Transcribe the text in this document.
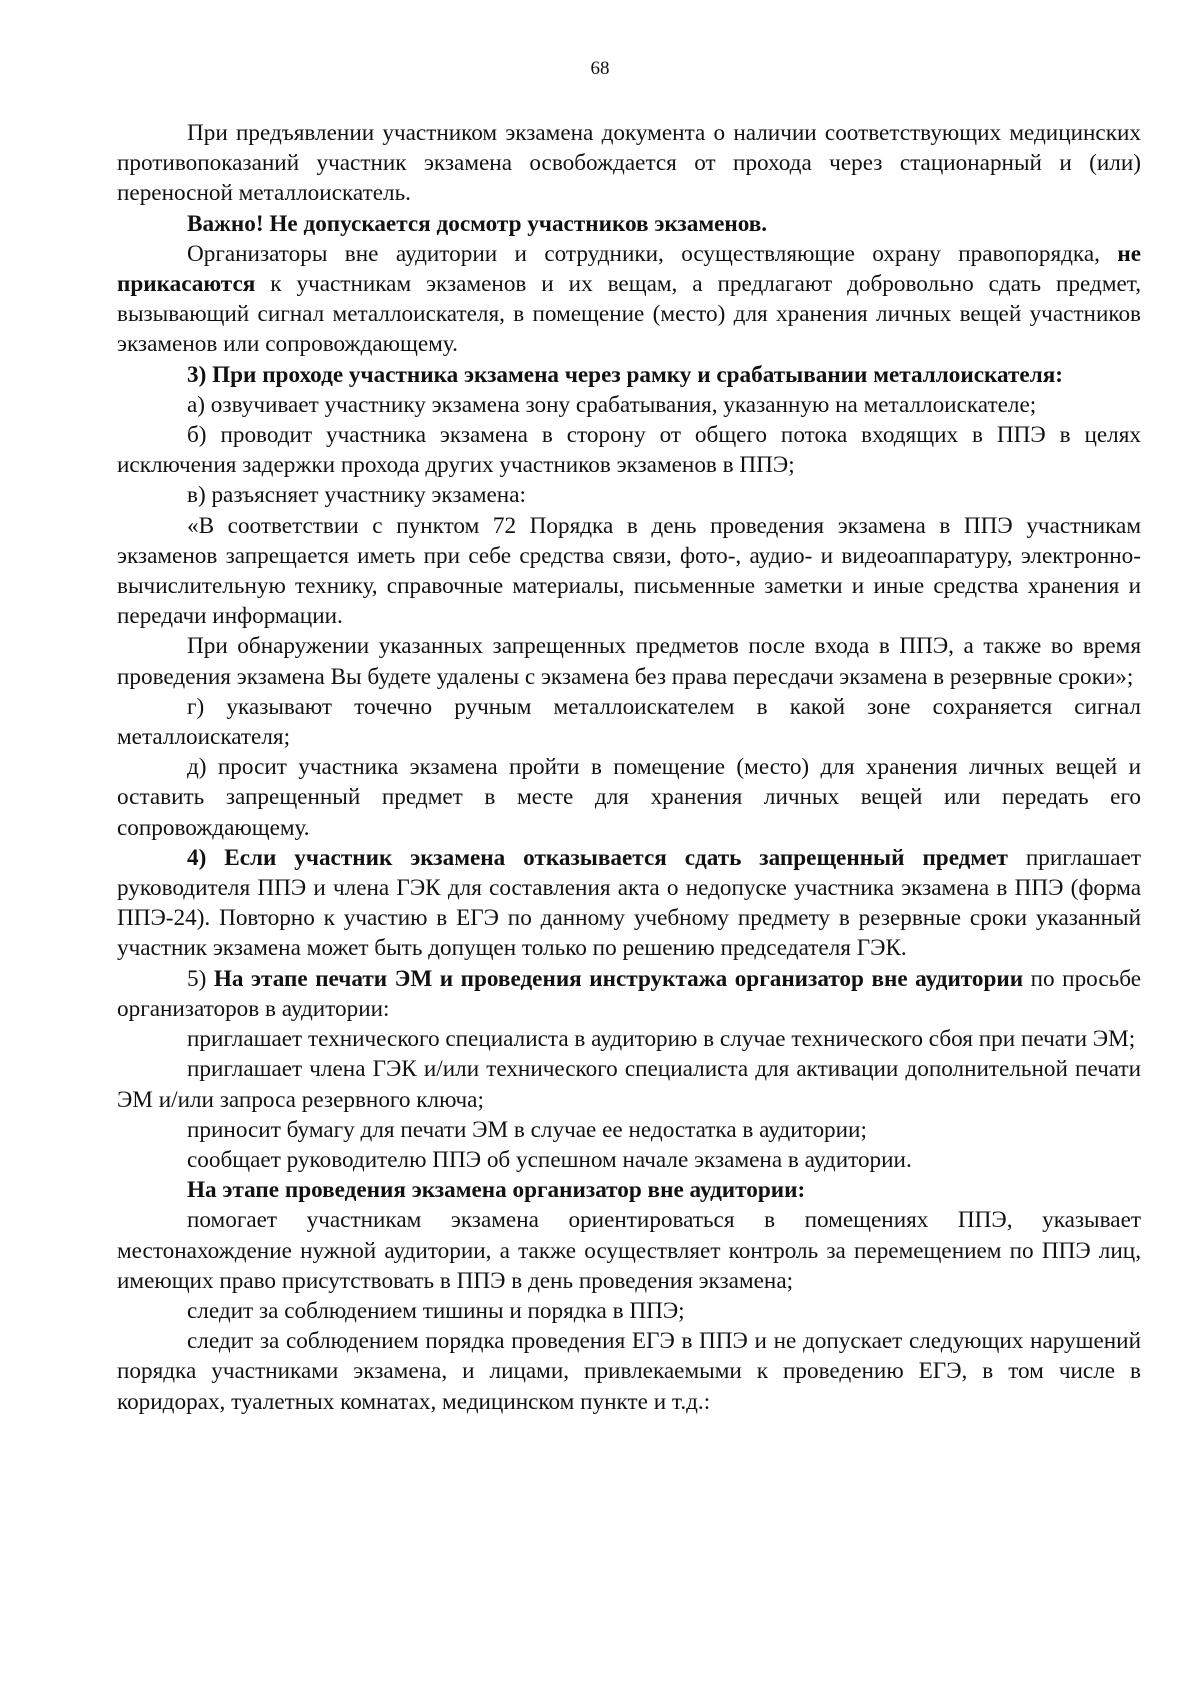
68

При предъявлении участником экзамена документа о наличии соответствующих медицинских противопоказаний участник экзамена освобождается от прохода через стационарный и (или) переносной металлоискатель.

Важно! Не допускается досмотр участников экзаменов.

Организаторы вне аудитории и сотрудники, осуществляющие охрану правопорядка, не прикасаются к участникам экзаменов и их вещам, а предлагают добровольно сдать предмет, вызывающий сигнал металлоискателя, в помещение (место) для хранения личных вещей участников экзаменов или сопровождающему.

3) При проходе участника экзамена через рамку и срабатывании металлоискателя:

а) озвучивает участнику экзамена зону срабатывания, указанную на металлоискателе;

б) проводит участника экзамена в сторону от общего потока входящих в ППЭ в целях исключения задержки прохода других участников экзаменов в ППЭ;

в) разъясняет участнику экзамена:

«В соответствии с пунктом 72 Порядка в день проведения экзамена в ППЭ участникам экзаменов запрещается иметь при себе средства связи, фото-, аудио- и видеоаппаратуру, электронно-вычислительную технику, справочные материалы, письменные заметки и иные средства хранения и передачи информации.

При обнаружении указанных запрещенных предметов после входа в ППЭ, а также во время проведения экзамена Вы будете удалены с экзамена без права пересдачи экзамена в резервные сроки»;

г) указывают точечно ручным металлоискателем в какой зоне сохраняется сигнал металлоискателя;

д) просит участника экзамена пройти в помещение (место) для хранения личных вещей и оставить запрещенный предмет в месте для хранения личных вещей или передать его сопровождающему.

4) Если участник экзамена отказывается сдать запрещенный предмет приглашает руководителя ППЭ и члена ГЭК для составления акта о недопуске участника экзамена в ППЭ (форма ППЭ-24). Повторно к участию в ЕГЭ по данному учебному предмету в резервные сроки указанный участник экзамена может быть допущен только по решению председателя ГЭК.

5) На этапе печати ЭМ и проведения инструктажа организатор вне аудитории по просьбе организаторов в аудитории:

приглашает технического специалиста в аудиторию в случае технического сбоя при печати ЭМ;

приглашает члена ГЭК и/или технического специалиста для активации дополнительной печати ЭМ и/или запроса резервного ключа;

приносит бумагу для печати ЭМ в случае ее недостатка в аудитории;

сообщает руководителю ППЭ об успешном начале экзамена в аудитории.

На этапе проведения экзамена организатор вне аудитории:

помогает участникам экзамена ориентироваться в помещениях ППЭ, указывает местонахождение нужной аудитории, а также осуществляет контроль за перемещением по ППЭ лиц, имеющих право присутствовать в ППЭ в день проведения экзамена;

следит за соблюдением тишины и порядка в ППЭ;

следит за соблюдением порядка проведения ЕГЭ в ППЭ и не допускает следующих нарушений порядка участниками экзамена, и лицами, привлекаемыми к проведению ЕГЭ, в том числе в коридорах, туалетных комнатах, медицинском пункте и т.д.:
